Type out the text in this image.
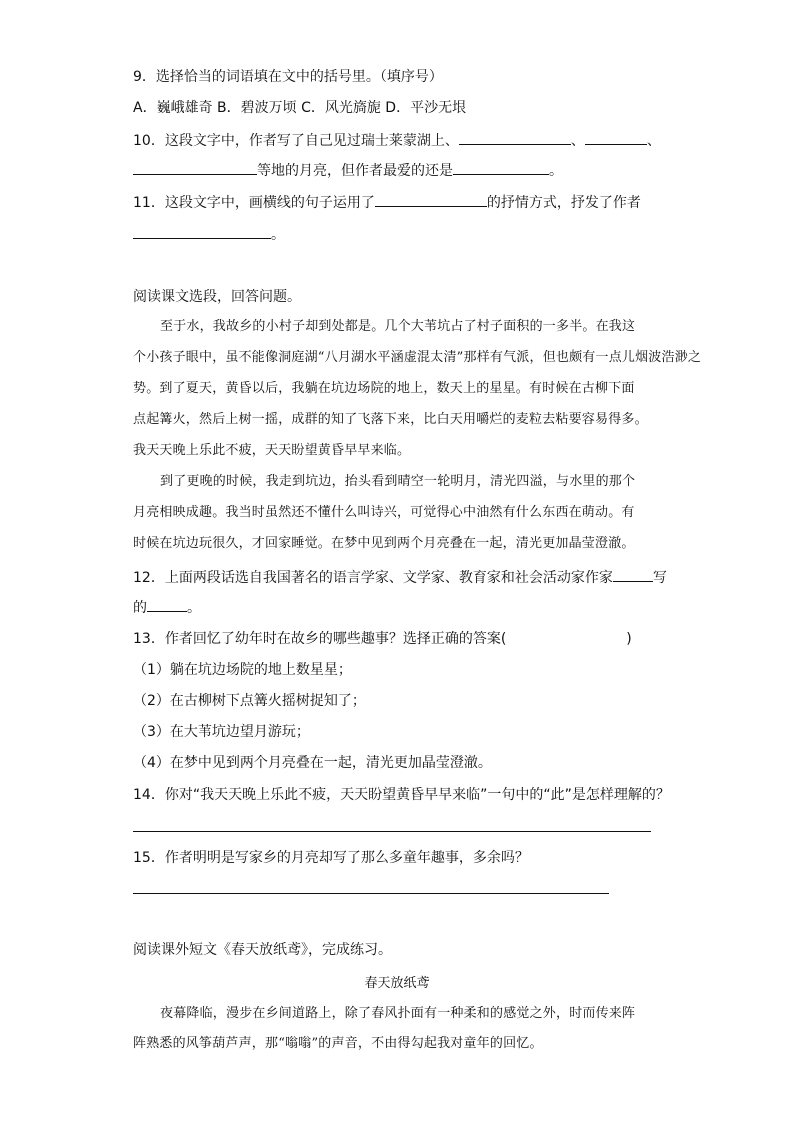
9．选择恰当的词语填在文中的括号里。（填序号）
A．巍峨雄奇 B．碧波万顷 C．风光旖旎 D．平沙无垠
10．这段文字中，作者写了自己见过瑞士莱蒙湖上、	、	、
等地的月亮，但作者最爱的还是	。
11．这段文字中，画横线的句子运用了	的抒情方式，抒发了作者
。
阅读课文选段，回答问题。
至于水，我故乡的小村子却到处都是。几个大苇坑占了村子面积的一多半。在我这
个小孩子眼中，虽不能像洞庭湖“八月湖水平涵虚混太清”那样有气派，但也颇有一点儿烟波浩渺之
势。到了夏天，黄昏以后，我躺在坑边场院的地上，数天上的星星。有时候在古柳下面
点起篝火，然后上树一摇，成群的知了飞落下来，比白天用嚼烂的麦粒去粘要容易得多。
我天天晚上乐此不疲，天天盼望黄昏早早来临。
到了更晚的时候，我走到坑边，抬头看到晴空一轮明月，清光四溢，与水里的那个
月亮相映成趣。我当时虽然还不懂什么叫诗兴，可觉得心中油然有什么东西在萌动。有
时候在坑边玩很久，才回家睡觉。在梦中见到两个月亮叠在一起，清光更加晶莹澄澈。
12．上面两段话选自我国著名的语言学家、文学家、教育家和社会活动家作家	写
的	。
13．作者回忆了幼年时在故乡的哪些趣事？选择正确的答案(	)
（1）躺在坑边场院的地上数星星；
（2）在古柳树下点篝火摇树捉知了；
（3）在大苇坑边望月游玩；
（4）在梦中见到两个月亮叠在一起，清光更加晶莹澄澈。
14．你对“我天天晚上乐此不疲，天天盼望黄昏早早来临”一句中的“此”是怎样理解的？
15．作者明明是写家乡的月亮却写了那么多童年趣事，多余吗？
阅读课外短文《春天放纸鸢》，完成练习。
春天放纸鸢
夜幕降临，漫步在乡间道路上，除了春风扑面有一种柔和的感觉之外，时而传来阵
阵熟悉的风筝葫芦声，那“嗡嗡”的声音，不由得勾起我对童年的回忆。
